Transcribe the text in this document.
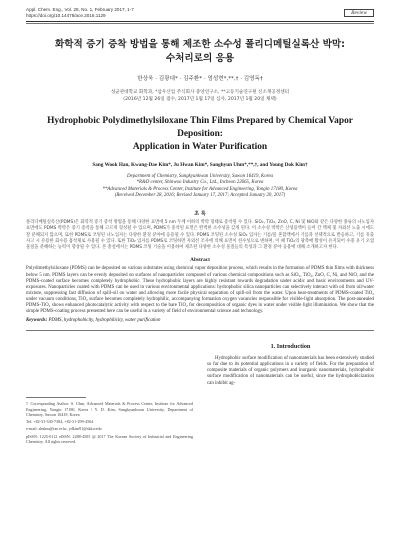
Appl. Chem. Eng., Vol. 28, No. 1, February 2017, 1-7
https://doi.org/10.14478/ace.2016.1129	Review
화학적 증기 증착 방법을 통해 제조한 소수성 폴리디메틸실록산 박막:
수처리로의 응용
한상욱 · 김광대* · 김주환* · 엄성현*,**,† · 김영독†
성균관대학교 화학과, *삼우산업 주식회사 중앙연구소, **고등기술연구원 신소재공정센터
(2016년 12월 26일 접수, 2017년 1월 17일 심사, 2017년 1월 20일 채택)
Hydrophobic Polydimethylsiloxane Thin Films Prepared by Chemical Vapor Deposition:
Application in Water Purification
Sang Wook Han, Kwang-Dae Kim*, Ju Hwan Kim*, Sanghyun Uhm*,**,†, and Young Dok Kim†
Department of Chemistry, Sungkyunkwan University, Suwon 16419, Korea
*R&D center, Shinwoo Industry Co., Ltd., Incheon 22665, Korea
**Advanced Materials & Process Center, Institute for Advanced Engineering, Yongin 17180, Korea
(Received December 28, 2016; Revised January 17, 2017; Accepted January 20, 2017)
초 록
폴리디메틸실록산(PDMS)은 화학적 증기 증착 방법을 통해 다양한 표면에 5 nm 두께 이하의 박막 형태로 증착될 수 있다. SiO₂, TiO₂, ZnO, C, Ni 및 NiO와 같은 다양한 종류의 나노입자 표면에도 PDMS 박막은 증기 증착을 통해 고르게 형성될 수 있으며, PDMS가 증착된 표면은 완벽한 소수성을 갖게 된다. 이 소수성 박막은 산성용액이 들어 간 액체 및 자외선 노출 시에도 잘 분해되지 않으며, 또한 PDMS로 코팅된 나노입자는 다양한 환경 분야에 응용될 수 있다. PDMS 코팅된 소수성 SiO₂ 입자는 기름/물 혼합액에서 기름과 선택적으로 반응하고, 기름 유출 사고 시 유용한 회수용 흡착제로 사용될 수 있다. 또한 TiO₂ 입자를 PDMS로 코팅하면 자외선 조사에 의해 표면이 친수성으로 변하며, 이 때 TiO₂의 광촉매 활성이 유지되어 수중 유기 오염물질을 분해하는 능력이 향상될 수 있다. 본 총설에서는 PDMS 코팅 기술을 이용하여 제조된 다양한 소수성 물질들의 특성과 그 환경 분야 응용에 대해 소개하고자 한다.
Abstract
Polydimethylsiloxane (PDMS) can be deposited on various substrates using chemical vapor deposition process, which results in the formation of PDMS thin films with thickness below 5 nm. PDMS layers can be evenly deposited on surfaces of nanoparticles composed of various chemical compositions such as SiO₂, TiO₂, ZnO, C, Ni, and NiO, and the PDMS-coated surface becomes completely hydrophobic. These hydrophobic layers are highly resistant towards degradation under acidic and basic environments and UV-exposures. Nanoparticles coated with PDMS can be used in various environmental applications: hydrophobic silica nanoparticles can selectively interact with oil from oil/water mixture, suppressing fast diffusion of spill-oil on water and allowing more facile physical separation of spill-oil from the water. Upon heat-treatments of PDMS-coated TiO₂ under vacuum conditions, TiO₂ surface becomes completely hydrophilic, accompanying formation oxygen vacancies responsible for visible-light absorption. The post-annealed PDMS-TiO₂ shows enhanced photocatalytic activity with respect to the bare TiO₂ for decomposition of organic dyes in water under visible light illumination. We show that the simple PDMS-coating process presented here can be useful in a variety of field of environmental science and technology.
Keywords: PDMS, hydrophobicity, hydrophilicity, water purification

† Corresponding Author: S. Uhm, Advanced Materials & Process Center, Institute for Advanced Engineering, Yongin 17180, Korea / Y. D. Kim, Sungkyunkwan University, Department of Chemistry, Suwon 16419, Korea

Tel: +82-31-330-7384, +82-31-299-4564

e-mail: shuhm@iae.re.kr, ydkim91@skku.edu

pISSN: 1225-0112 eISSN: 2288-4505 @ 2017 The Korean Society of Industrial and Engineering Chemistry. All rights reserved.

1. Introduction
Hydrophobic surface modification of nanomaterials has been extensively studied so far due to its potential applications in a variety of fields. For the preparation of composite materials of organic polymers and inorganic nanomaterials, hydrophobic surface modification of nanomaterials can be useful, since the hydrophobicization can inhibit ag-
